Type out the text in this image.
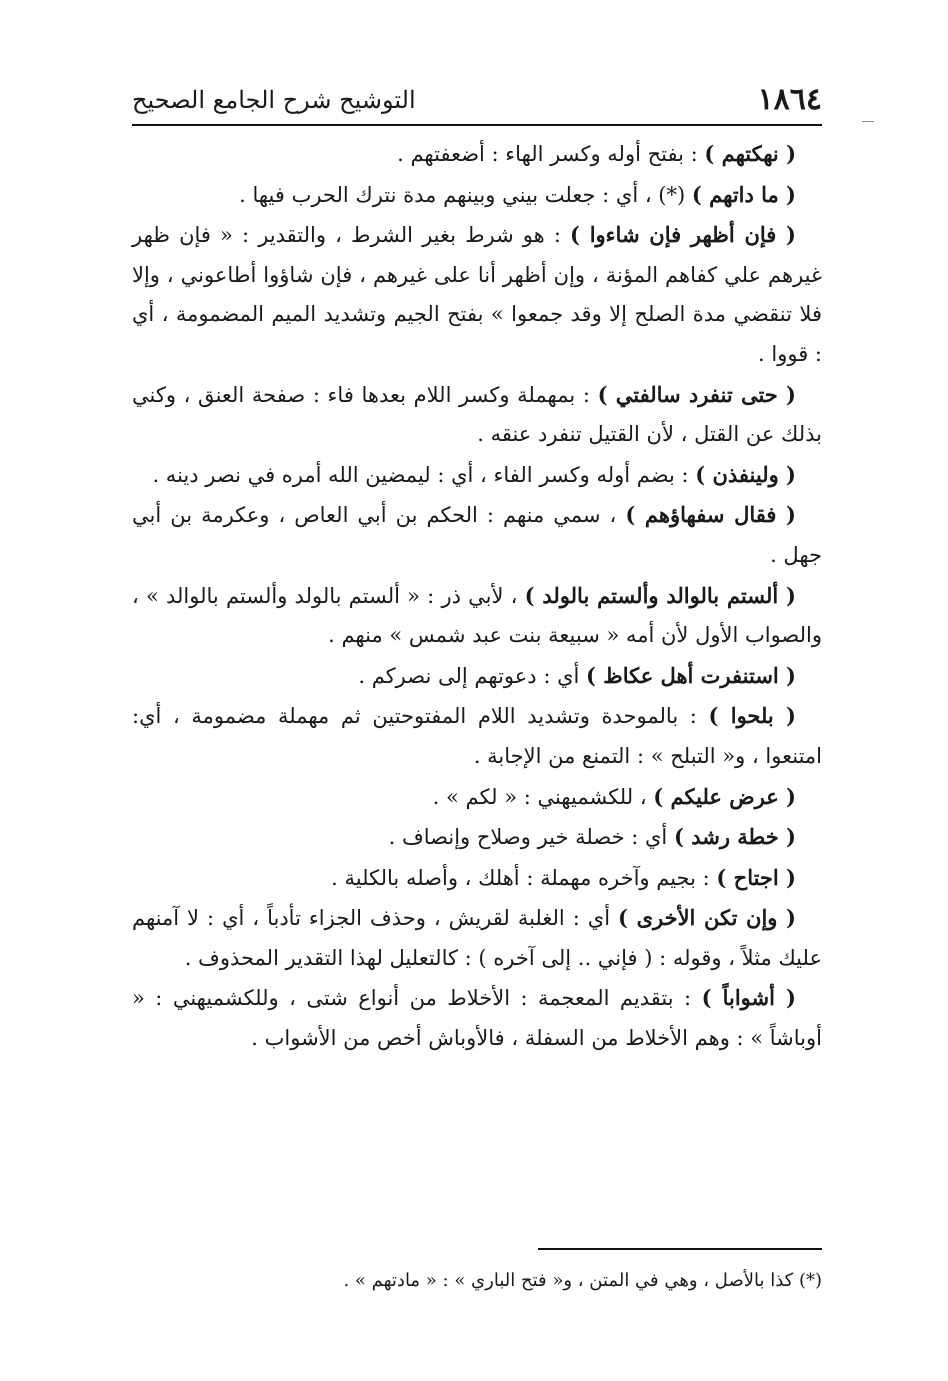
١٨٦٤
التوشيح شرح الجامع الصحيح

( نهكتهم ) : بفتح أوله وكسر الهاء : أضعفتهم .

( ما داتهم ) (*) ، أي : جعلت بيني وبينهم مدة نترك الحرب فيها .

( فإن أظهر فإن شاءوا ) : هو شرط بغير الشرط ، والتقدير : « فإن ظهر غيرهم علي كفاهم المؤنة ، وإن أظهر أنا على غيرهم ، فإن شاؤوا أطاعوني ، وإلا فلا تنقضي مدة الصلح إلا وقد جمعوا » بفتح الجيم وتشديد الميم المضمومة ، أي : قووا .

( حتى تنفرد سالفتي ) : بمهملة وكسر اللام بعدها فاء : صفحة العنق ، وكني بذلك عن القتل ، لأن القتيل تنفرد عنقه .

( ولينفذن ) : بضم أوله وكسر الفاء ، أي : ليمضين الله أمره في نصر دينه .

( فقال سفهاؤهم ) ، سمي منهم : الحكم بن أبي العاص ، وعكرمة بن أبي جهل .

( ألستم بالوالد وألستم بالولد ) ، لأبي ذر : « ألستم بالولد وألستم بالوالد » ، والصواب الأول لأن أمه « سبيعة بنت عبد شمس » منهم .

( استنفرت أهل عكاظ ) أي : دعوتهم إلى نصركم .

( بلحوا ) : بالموحدة وتشديد اللام المفتوحتين ثم مهملة مضمومة ، أي: امتنعوا ، و« التبلح » : التمنع من الإجابة .

( عرض عليكم ) ، للكشميهني : « لكم » .

( خطة رشد ) أي : خصلة خير وصلاح وإنصاف .

( اجتاح ) : بجيم وآخره مهملة : أهلك ، وأصله بالكلية .

( وإن تكن الأخرى ) أي : الغلبة لقريش ، وحذف الجزاء تأدباً ، أي : لا آمنهم عليك مثلاً ، وقوله : ( فإني .. إلى آخره ) : كالتعليل لهذا التقدير المحذوف .

( أشواباً ) : بتقديم المعجمة : الأخلاط من أنواع شتى ، وللكشميهني : « أوباشاً » : وهم الأخلاط من السفلة ، فالأوباش أخص من الأشواب .

(*) كذا بالأصل ، وهي في المتن ، و« فتح الباري » : « مادتهم » .
